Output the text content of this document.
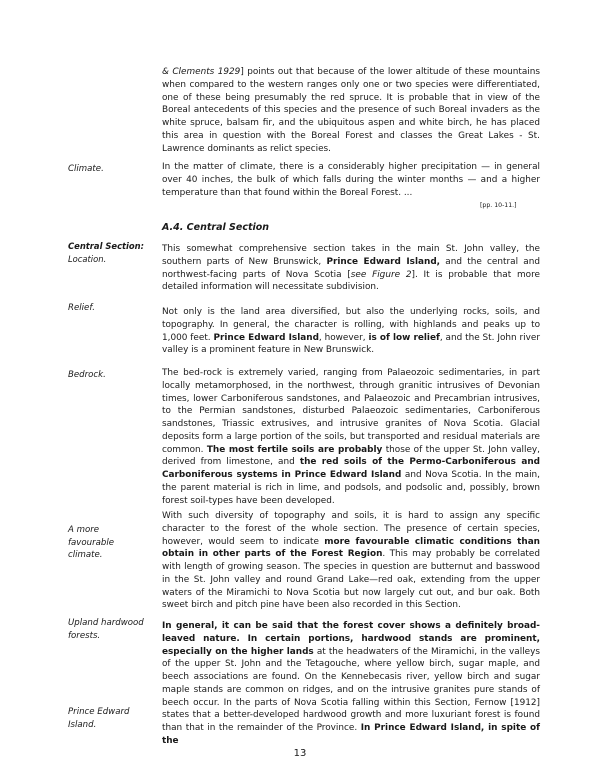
& Clements 1929] points out that because of the lower altitude of these mountains when compared to the western ranges only one or two species were differentiated, one of these being presumably the red spruce. It is probable that in view of the Boreal antecedents of this species and the presence of such Boreal invaders as the white spruce, balsam fir, and the ubiquitous aspen and white birch, he has placed this area in question with the Boreal Forest and classes the Great Lakes - St. Lawrence dominants as relict species.
Climate.	In the matter of climate, there is a considerably higher precipitation — in general over 40 inches, the bulk of which falls during the winter months — and a higher temperature than that found within the Boreal Forest. ...
[pp. 10-11.]
A.4. Central Section
Central Section:
Location.
This somewhat comprehensive section takes in the main St. John valley, the southern parts of New Brunswick, Prince Edward Island, and the central and northwest-facing parts of Nova Scotia [see Figure 2]. It is probable that more detailed information will necessitate subdivision.
Relief.	Not only is the land area diversified, but also the underlying rocks, soils, and topography. In general, the character is rolling, with highlands and peaks up to 1,000 feet. Prince Edward Island, however, is of low relief, and the St. John river valley is a prominent feature in New Brunswick.
Bedrock.	The bed-rock is extremely varied, ranging from Palaeozoic sedimentaries, in part locally metamorphosed, in the northwest, through granitic intrusives of Devonian times, lower Carboniferous sandstones, and Palaeozoic and Precambrian intrusives, to the Permian sandstones, disturbed Palaeozoic sedimentaries, Carboniferous sandstones, Triassic extrusives, and intrusive granites of Nova Scotia. Glacial deposits form a large portion of the soils, but transported and residual materials are common. The most fertile soils are probably those of the upper St. John valley, derived from limestone, and the red soils of the Permo-Carboniferous and Carboniferous systems in Prince Edward Island and Nova Scotia. In the main, the parent material is rich in lime, and podsols, and podsolic and, possibly, brown forest soil-types have been developed.
A more favourable climate.
With such diversity of topography and soils, it is hard to assign any specific character to the forest of the whole section. The presence of certain species, however, would seem to indicate more favourable climatic conditions than obtain in other parts of the Forest Region. This may probably be correlated with length of growing season. The species in question are butternut and basswood in the St. John valley and round Grand Lake—red oak, extending from the upper waters of the Miramichi to Nova Scotia but now largely cut out, and bur oak. Both sweet birch and pitch pine have been also recorded in this Section.
Upland hardwood forests.
In general, it can be said that the forest cover shows a definitely broad-leaved nature. In certain portions, hardwood stands are prominent, especially on the higher lands at the headwaters of the Miramichi, in the valleys of the upper St. John and the Tetagouche, where yellow birch, sugar maple, and beech associations are found. On the Kennebecasis river, yellow birch and sugar maple stands are common on ridges, and on the intrusive granites pure stands of beech occur. In the parts of Nova Scotia falling within this Section, Fernow [1912] states that a better-developed hardwood growth and more luxuriant forest is found than that in the remainder of the Province. In Prince Edward Island, in spite of the
Prince Edward Island.
13
